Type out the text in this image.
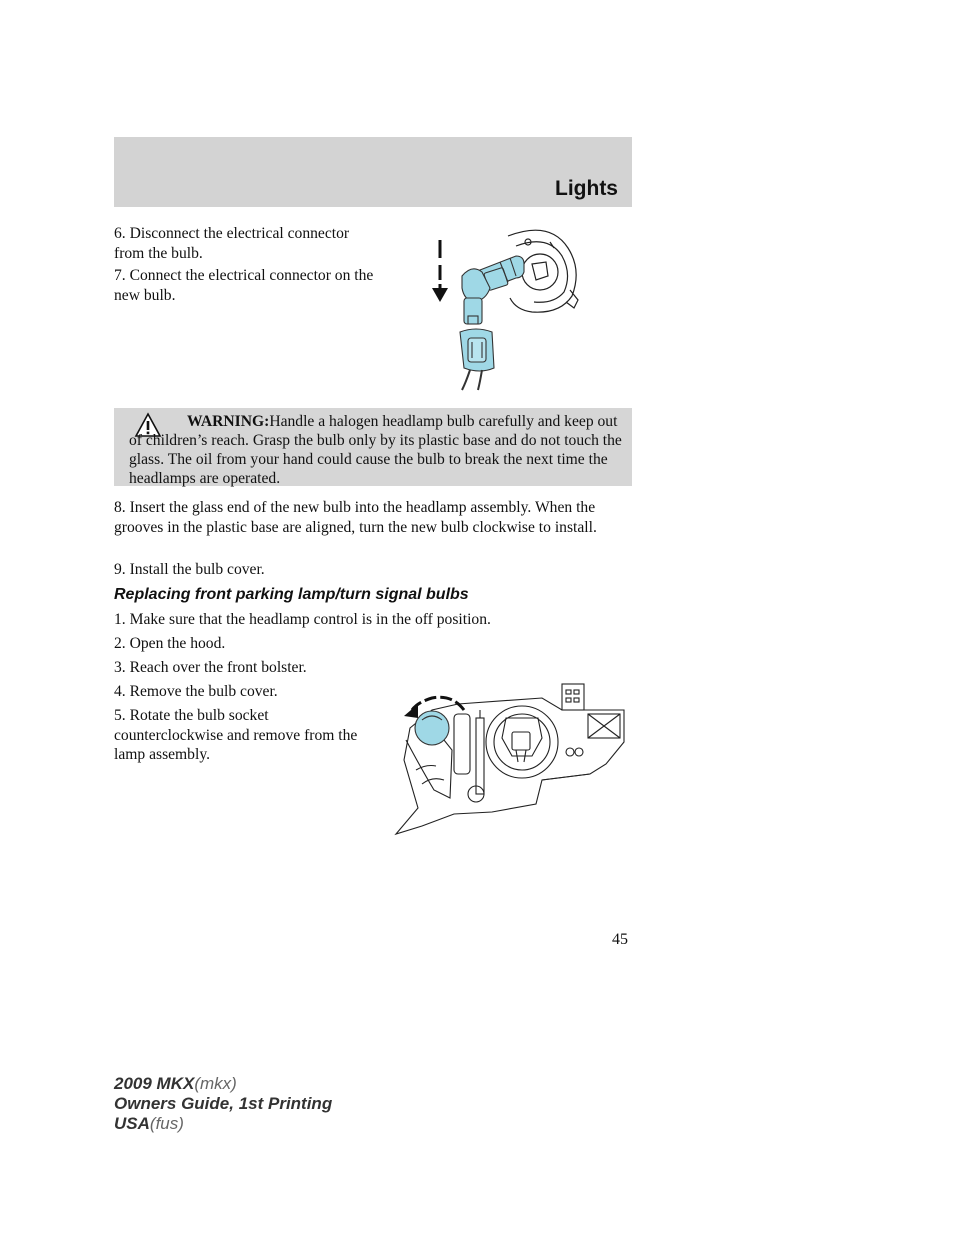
Lights

6. Disconnect the electrical connector from the bulb.

7. Connect the electrical connector on the new bulb.

WARNING:Handle a halogen headlamp bulb carefully and keep out of children’s reach. Grasp the bulb only by its plastic base and do not touch the glass. The oil from your hand could cause the bulb to break the next time the headlamps are operated.

8. Insert the glass end of the new bulb into the headlamp assembly. When the grooves in the plastic base are aligned, turn the new bulb clockwise to install.

9. Install the bulb cover.

Replacing front parking lamp/turn signal bulbs

1. Make sure that the headlamp control is in the off position.

2. Open the hood.

3. Reach over the front bolster.

4. Remove the bulb cover.

5. Rotate the bulb socket counterclockwise and remove from the lamp assembly.

45
2009 MKX(mkx)
Owners Guide, 1st Printing
USA(fus)
